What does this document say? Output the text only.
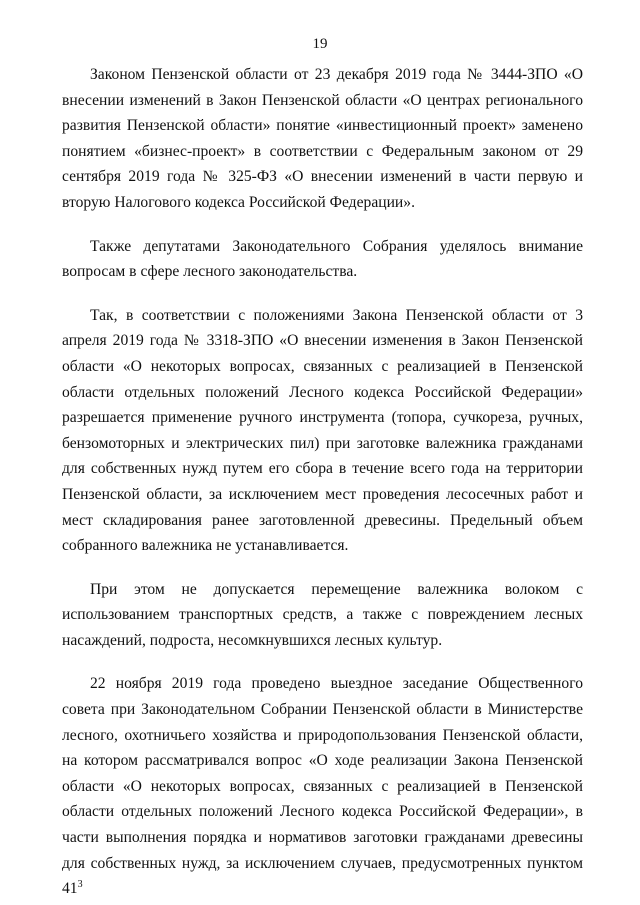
19

Законом Пензенской области от 23 декабря 2019 года № 3444-ЗПО «О внесении изменений в Закон Пензенской области «О центрах регионального развития Пензенской области» понятие «инвестиционный проект» заменено понятием «бизнес-проект» в соответствии с Федеральным законом от 29 сентября 2019 года № 325-ФЗ «О внесении изменений в части первую и вторую Налогового кодекса Российской Федерации».

Также депутатами Законодательного Собрания уделялось внимание вопросам в сфере лесного законодательства.

Так, в соответствии с положениями Закона Пензенской области от 3 апреля 2019 года № 3318-ЗПО «О внесении изменения в Закон Пензенской области «О некоторых вопросах, связанных с реализацией в Пензенской области отдельных положений Лесного кодекса Российской Федерации» разрешается применение ручного инструмента (топора, сучкореза, ручных, бензомоторных и электрических пил) при заготовке валежника гражданами для собственных нужд путем его сбора в течение всего года на территории Пензенской области, за исключением мест проведения лесосечных работ и мест складирования ранее заготовленной древесины. Предельный объем собранного валежника не устанавливается.

При этом не допускается перемещение валежника волоком с использованием транспортных средств, а также с повреждением лесных насаждений, подроста, несомкнувшихся лесных культур.

22 ноября 2019 года проведено выездное заседание Общественного совета при Законодательном Собрании Пензенской области в Министерстве лесного, охотничьего хозяйства и природопользования Пензенской области, на котором рассматривался вопрос «О ходе реализации Закона Пензенской области «О некоторых вопросах, связанных с реализацией в Пензенской области отдельных положений Лесного кодекса Российской Федерации», в части выполнения порядка и нормативов заготовки гражданами древесины для собственных нужд, за исключением случаев, предусмотренных пунктом $41^3$
